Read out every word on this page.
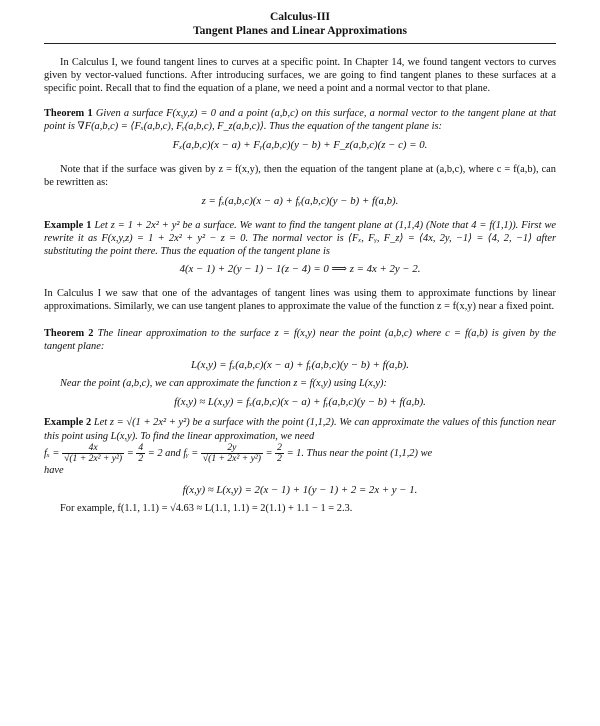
Calculus-III
Tangent Planes and Linear Approximations

In Calculus I, we found tangent lines to curves at a specific point. In Chapter 14, we found tangent vectors to curves given by vector-valued functions. After introducing surfaces, we are going to find tangent planes to these surfaces at a specific point. Recall that to find the equation of a plane, we need a point and a normal vector to that plane.

Theorem 1 Given a surface F(x,y,z) = 0 and a point (a,b,c) on this surface, a normal vector to the tangent plane at that point is ∇F(a,b,c) = ⟨Fₓ(a,b,c), Fᵧ(a,b,c), F_z(a,b,c)⟩. Thus the equation of the tangent plane is:

Fₓ(a,b,c)(x − a) + Fᵧ(a,b,c)(y − b) + F_z(a,b,c)(z − c) = 0.

Note that if the surface was given by z = f(x,y), then the equation of the tangent plane at (a,b,c), where c = f(a,b), can be rewritten as:

z = fₓ(a,b,c)(x − a) + fᵧ(a,b,c)(y − b) + f(a,b).

Example 1 Let z = 1 + 2x² + y² be a surface. We want to find the tangent plane at (1,1,4) (Note that 4 = f(1,1)). First we rewrite it as F(x,y,z) = 1 + 2x² + y² − z = 0. The normal vector is ⟨Fₓ, Fᵧ, F_z⟩ = ⟨4x, 2y, −1⟩ = ⟨4, 2, −1⟩ after substituting the point there. Thus the equation of the tangent plane is

4(x − 1) + 2(y − 1) − 1(z − 4) = 0 ⟹ z = 4x + 2y − 2.

In Calculus I we saw that one of the advantages of tangent lines was using them to approximate functions by linear approximations. Similarly, we can use tangent planes to approximate the value of the function z = f(x,y) near a fixed point.

Theorem 2 The linear approximation to the surface z = f(x,y) near the point (a,b,c) where c = f(a,b) is given by the tangent plane:

L(x,y) = fₓ(a,b,c)(x − a) + fᵧ(a,b,c)(y − b) + f(a,b).

Near the point (a,b,c), we can approximate the function z = f(x,y) using L(x,y):

f(x,y) ≈ L(x,y) = fₓ(a,b,c)(x − a) + fᵧ(a,b,c)(y − b) + f(a,b).

Example 2 Let z = √(1 + 2x² + y²) be a surface with the point (1,1,2). We can approximate the values of this function near this point using L(x,y). To find the linear approximation, we need

$f_x = \frac{4x}{\text{√(1 + 2x² + y²)}} = \frac{4}{2} = 2$ and fᵧ = $\frac{2y}{\text{√(1 + 2x² + y²)}} = \frac{2}{2} = 1$. Thus near the point (1,1,2) we

have

f(x,y) ≈ L(x,y) = 2(x − 1) + 1(y − 1) + 2 = 2x + y − 1.

For example, f(1.1, 1.1) = √4.63 ≈ L(1.1, 1.1) = 2(1.1) + 1.1 − 1 = 2.3.
